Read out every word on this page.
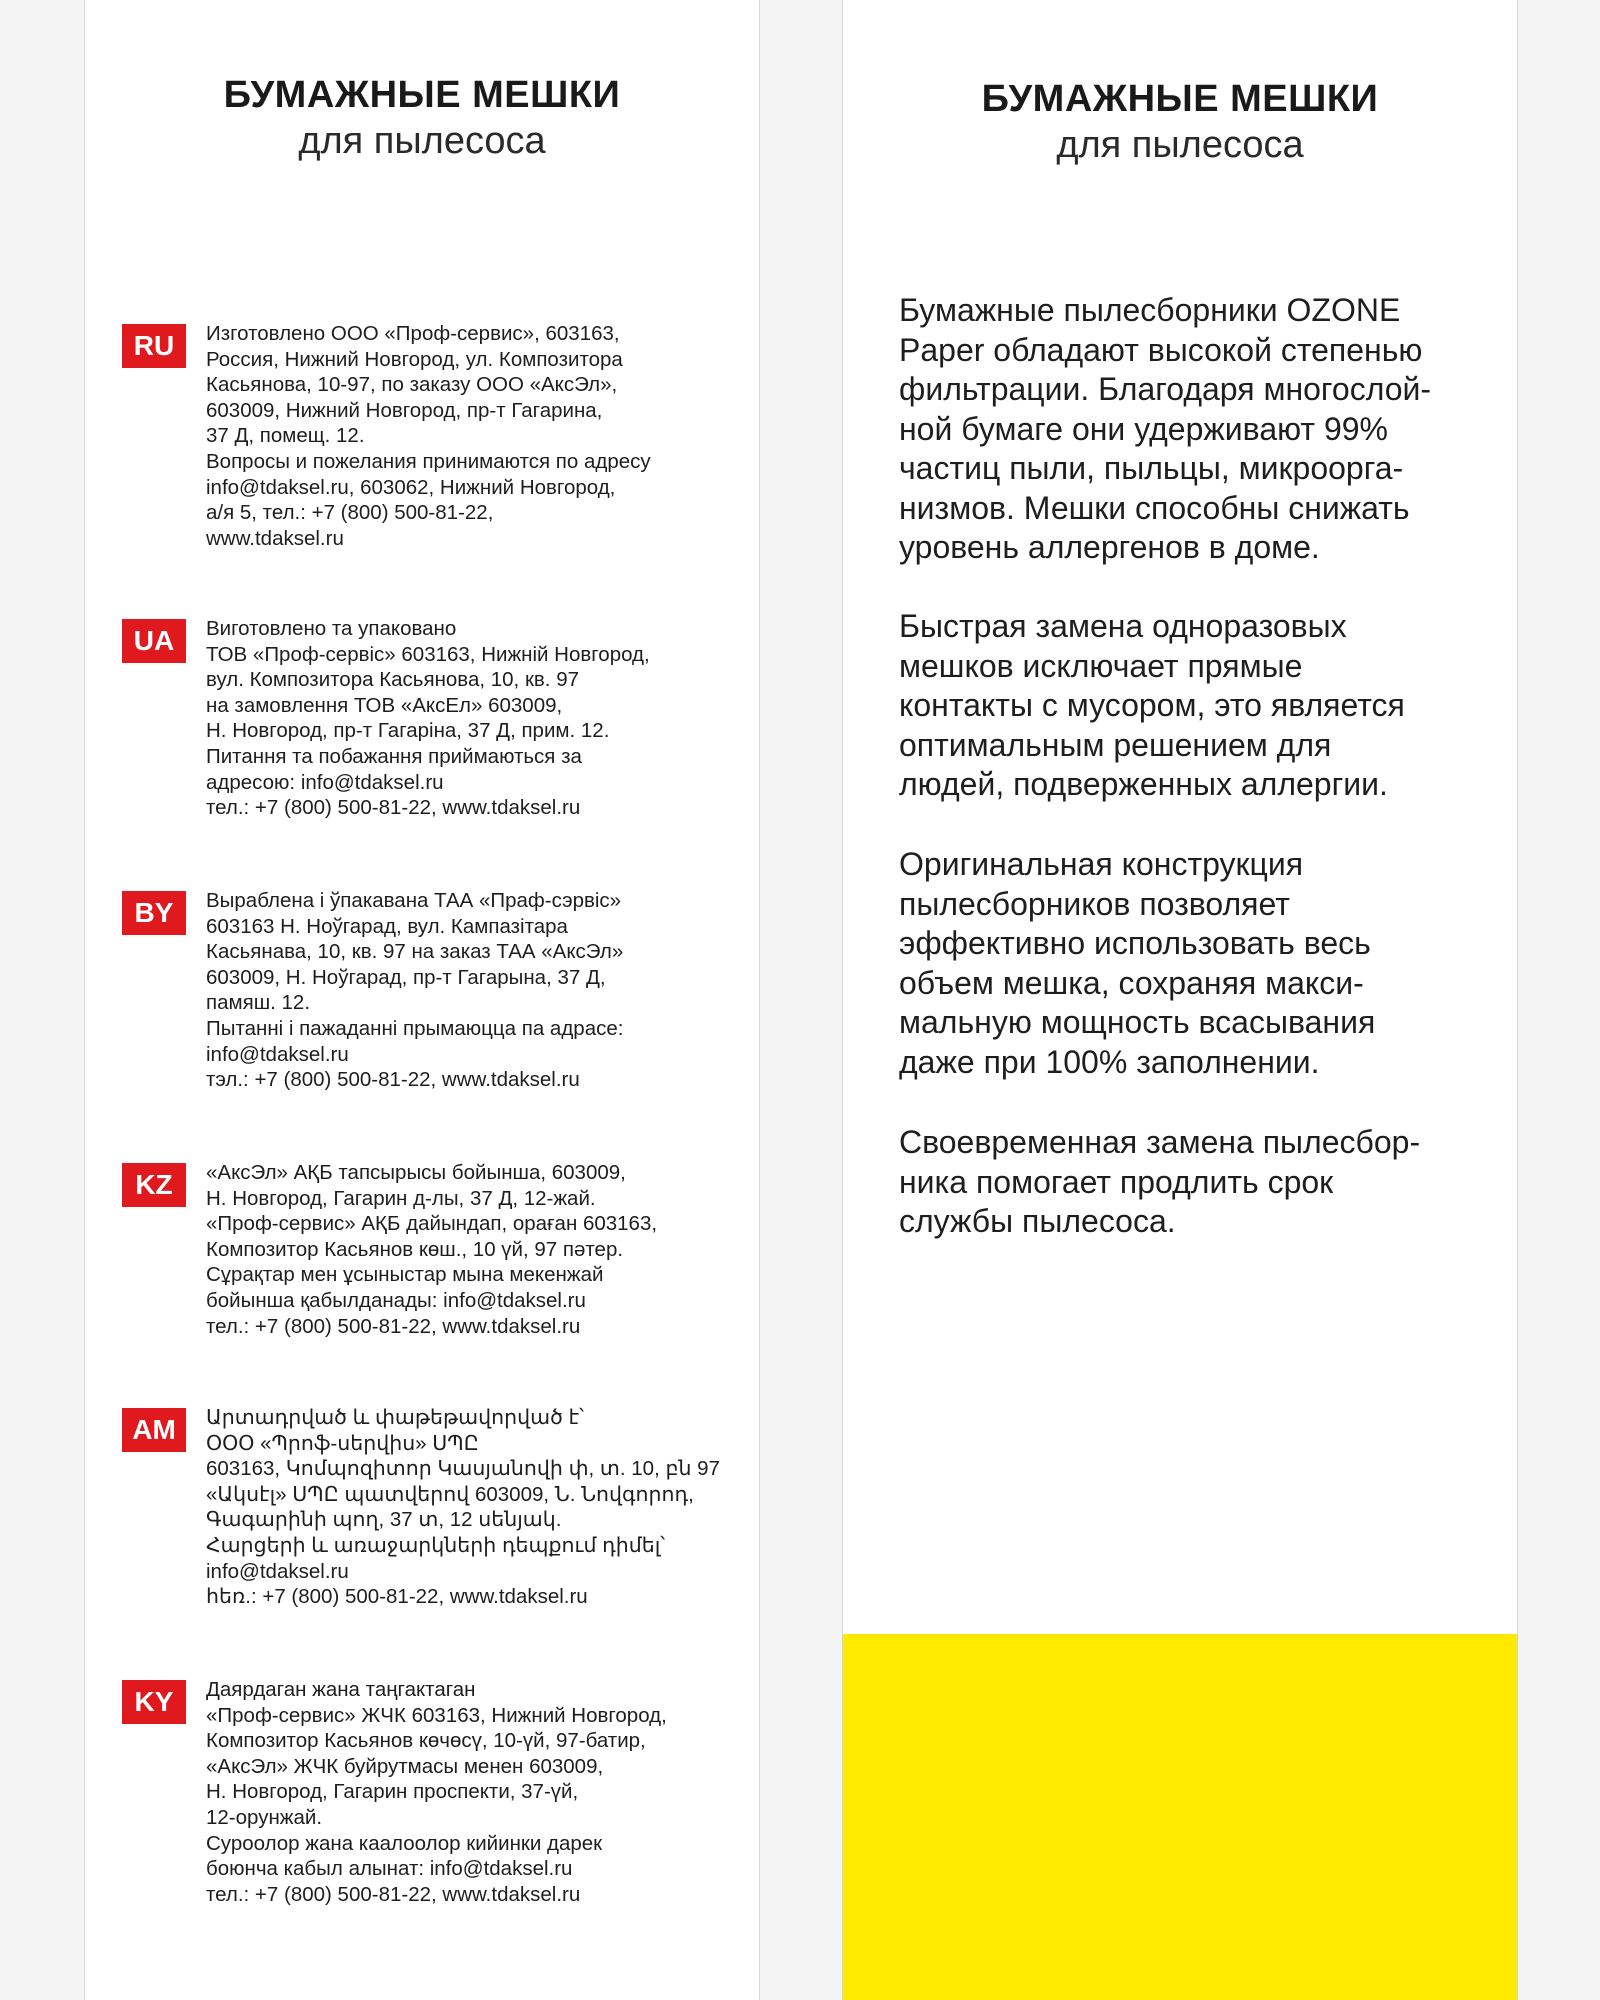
БУМАЖНЫЕ МЕШКИ
для пылесоса
RU	Изготовлено ООО «Проф-сервис», 603163,
Россия, Нижний Новгород, ул. Композитора
Касьянова, 10-97, по заказу ООО «АксЭл»,
603009, Нижний Новгород, пр-т Гагарина,
37 Д, помещ. 12.
Вопросы и пожелания принимаются по адресу
info@tdaksel.ru, 603062, Нижний Новгород,
а/я 5, тел.: +7 (800) 500-81-22,
www.tdaksel.ru
UA	Виготовлено та упаковано
ТОВ «Проф-сервіс» 603163, Нижній Новгород,
вул. Композитора Касьянова, 10, кв. 97
на замовлення ТОВ «АксЕл» 603009,
Н. Новгород, пр-т Гагаріна, 37 Д, прим. 12.
Питання та побажання приймаються за
адресою: info@tdaksel.ru
тел.: +7 (800) 500-81-22, www.tdaksel.ru
BY	Выраблена і ўпакавана ТАА «Праф-сэрвіс»
603163 Н. Ноўгарад, вул. Кампазітара
Касьянава, 10, кв. 97 на заказ ТАА «АксЭл»
603009, Н. Ноўгарад, пр-т Гагарына, 37 Д,
памяш. 12.
Пытанні і пажаданні прымаюцца па адрасе:
info@tdaksel.ru
тэл.: +7 (800) 500-81-22, www.tdaksel.ru
KZ	«АксЭл» АҚБ тапсырысы бойынша, 603009,
Н. Новгород, Гагарин д-лы, 37 Д, 12-жай.
«Проф-сервис» АҚБ дайындап, ораған 603163,
Композитор Касьянов көш., 10 үй, 97 пәтер.
Сұрақтар мен ұсыныстар мына мекенжай
бойынша қабылданады: info@tdaksel.ru
тел.: +7 (800) 500-81-22, www.tdaksel.ru
AM	Արտադրված և փաթեթավորված է՝
ՕՕՕ «Պրոֆ-սերվիս» ՍՊԸ
603163, Կոմպոզիտոր Կասյանովի փ, տ. 10, բն 97
«Ակսէլ» ՍՊԸ պատվերով 603009, Ն. Նովգորոդ,
Գագարինի պող, 37 տ, 12 սենյակ.
Հարցերի և առաջարկների դեպքում դիմել՝
info@tdaksel.ru
հեռ.: +7 (800) 500-81-22, www.tdaksel.ru
KY	Даярдаган жана таңгактаган
«Проф-сервис» ЖЧК 603163, Нижний Новгород,
Композитор Касьянов көчөсү, 10-үй, 97-батир,
«АксЭл» ЖЧК буйрутмасы менен 603009,
Н. Новгород, Гагарин проспекти, 37-үй,
12-орунжай.
Суроолор жана каалоолор кийинки дарек
боюнча кабыл алынат: info@tdaksel.ru
тел.: +7 (800) 500-81-22, www.tdaksel.ru
БУМАЖНЫЕ МЕШКИ
для пылесоса
Бумажные пылесборники OZONE
Paper обладают высокой степенью
фильтрации. Благодаря многослой-
ной бумаге они удерживают 99%
частиц пыли, пыльцы, микроорга-
низмов. Мешки способны снижать
уровень аллергенов в доме.
Быстрая замена одноразовых
мешков исключает прямые
контакты с мусором, это является
оптимальным решением для
людей, подверженных аллергии.
Оригинальная конструкция
пылесборников позволяет
эффективно использовать весь
объем мешка, сохраняя макси-
мальную мощность всасывания
даже при 100% заполнении.
Своевременная замена пылесбор-
ника помогает продлить срок
службы пылесоса.
